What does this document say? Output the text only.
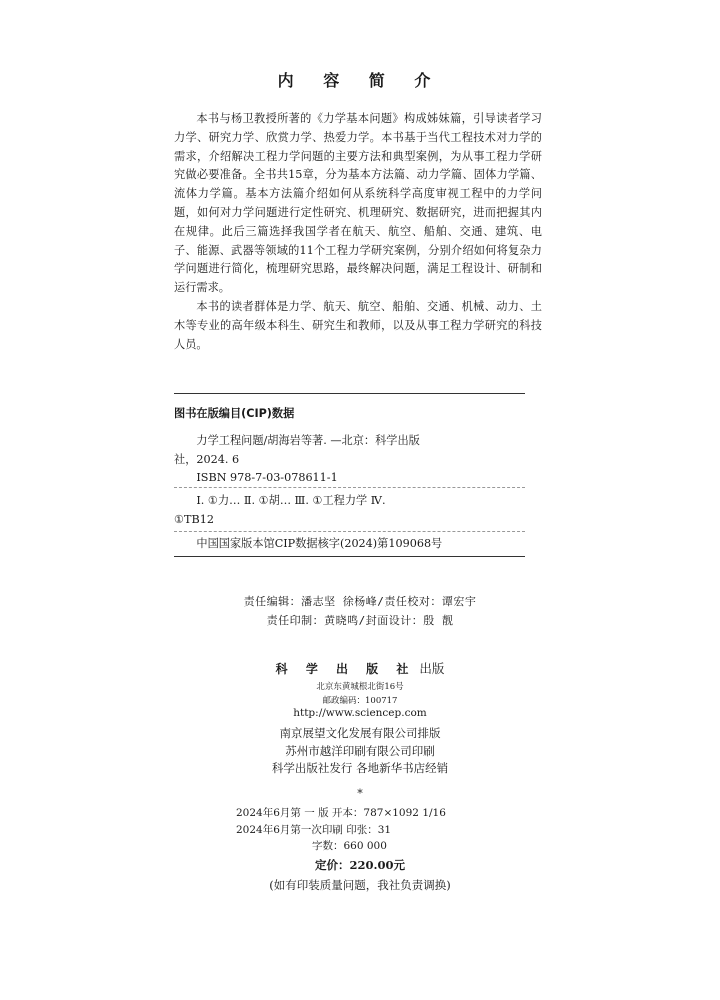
内 容 简 介

本书与杨卫教授所著的《力学基本问题》构成姊妹篇，引导读者学习力学、研究力学、欣赏力学、热爱力学。本书基于当代工程技术对力学的需求，介绍解决工程力学问题的主要方法和典型案例，为从事工程力学研究做必要准备。全书共15章，分为基本方法篇、动力学篇、固体力学篇、流体力学篇。基本方法篇介绍如何从系统科学高度审视工程中的力学问题，如何对力学问题进行定性研究、机理研究、数据研究，进而把握其内在规律。此后三篇选择我国学者在航天、航空、船舶、交通、建筑、电子、能源、武器等领域的11个工程力学研究案例，分别介绍如何将复杂力学问题进行简化，梳理研究思路，最终解决问题，满足工程设计、研制和运行需求。

本书的读者群体是力学、航天、航空、船舶、交通、机械、动力、土木等专业的高年级本科生、研究生和教师，以及从事工程力学研究的科技人员。

图书在版编目(CIP)数据

力学工程问题/胡海岩等著. —北京：科学出版

社，2024. 6

ISBN 978-7-03-078611-1

Ⅰ. ①力… Ⅱ. ①胡… Ⅲ. ①工程力学 Ⅳ.

①TB12

中国国家版本馆CIP数据核字(2024)第109068号

责任编辑：潘志坚 徐杨峰/责任校对：谭宏宇
责任印制：黄晓鸣/封面设计：殷 靓
科 学 出 版 社 出版
北京东黄城根北街16号
邮政编码：100717
http://www.sciencep.com
南京展望文化发展有限公司排版
苏州市越洋印刷有限公司印刷
科学出版社发行 各地新华书店经销
*
2024年6月第 一 版 开本：787×1092 1/16
2024年6月第一次印刷 印张：31
字数：660 000
定价：220.00元
(如有印装质量问题，我社负责调换)
